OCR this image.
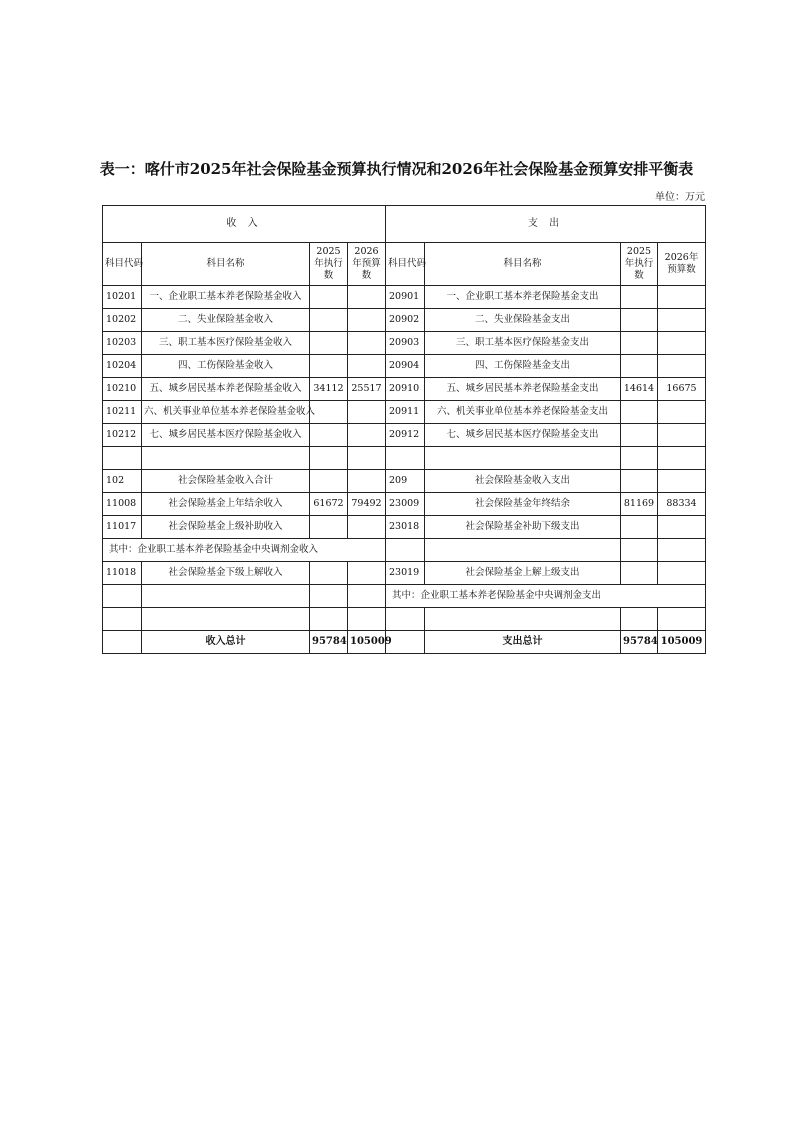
表一：喀什市2025年社会保险基金预算执行情况和2026年社会保险基金预算安排平衡表
单位：万元
收 入				支 出			
科目代码	科目名称	2025年执行数	2026年预算数	科目代码	科目名称	2025年执行数	2026年预算数
10201	一、企业职工基本养老保险基金收入			20901	一、企业职工基本养老保险基金支出		
10202	二、失业保险基金收入			20902	二、失业保险基金支出		
10203	三、职工基本医疗保险基金收入			20903	三、职工基本医疗保险基金支出		
10204	四、工伤保险基金收入			20904	四、工伤保险基金支出		
10210	五、城乡居民基本养老保险基金收入	34112	25517	20910	五、城乡居民基本养老保险基金支出	14614	16675
10211	六、机关事业单位基本养老保险基金收入			20911	六、机关事业单位基本养老保险基金支出		
10212	七、城乡居民基本医疗保险基金收入			20912	七、城乡居民基本医疗保险基金支出		

102	社会保险基金收入合计			209	社会保险基金收入支出		
11008	社会保险基金上年结余收入	61672	79492	23009	社会保险基金年终结余	81169	88334
11017	社会保险基金上级补助收入			23018	社会保险基金补助下级支出		
其中：企业职工基本养老保险基金中央调剂金收入							
11018	社会保险基金下级上解收入			23019	社会保险基金上解上级支出		
				其中：企业职工基本养老保险基金中央调剂金支出			

	收入总计	95784	105009		支出总计	95784	105009
